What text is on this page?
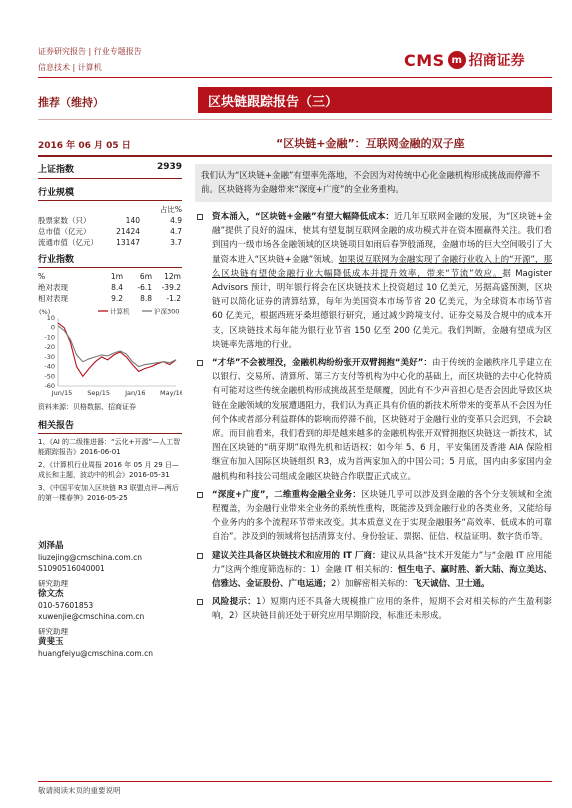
证券研究报告 | 行业专题报告
信息技术 | 计算机	CMS m 招商证券
推荐（维持）	区块链跟踪报告（三）
2016 年 06 月 05 日	“区块链+金融”：互联网金融的双子座
上证指数	2939
行业规模
占比%
股票家数（只）	140	4.9
总市值（亿元）	21424	4.7
流通市值（亿元）	13147	3.7
行业指数
%	1m	6m	12m
绝对表现	8.4	-6.1	-39.2
相对表现	9.2	8.8	-1.2
(%)
10
0
-10
-20
-30
-40
-50
-60
Jun/15 Sep/15 Jan/16 May/16
计算机	沪深300
资料来源：贝格数据、招商证券
相关报告
1、《AI 的二级推进器：“云化+开源”—人工智能跟踪报告》2016-06-01
2、《计算机行业周报 2016 年 05 月 29 日—成长和主题，波动中的机会》2016-05-31
3、《中国平安加入区块链 R3 联盟点评—两后的第一棵春笋》2016-05-25
刘泽晶
liuzejing@cmschina.com.cn
S1090516040001
研究助理
徐文杰
010-57601853
xuwenjie@cmschina.com.cn
研究助理
黄斐玉
huangfeiyu@cmschina.com.cn
我们认为“区块链+金融”有望率先落地，不会因为对传统中心化金融机构形成挑战而停滞不前。区块链将为金融带来“深度+广度”的全业务重构。
资本涌入，“区块链+金融”有望大幅降低成本：近几年互联网金融的发展，为“区块链+金融”提供了良好的温床，使其有望复制互联网金融的成功模式并在资本圈赢得关注。我们看到国内一级市场各金融领域的区块链项目如雨后春笋般涌现，金融市场的巨大空间吸引了大量资本进入“区块链+金融”领域。如果说互联网为金融实现了金融行业收入上的“开源”，那么区块链有望使金融行业大幅降低成本并提升效率，带来“节流”效应。据 Magister Advisors 预计，明年银行将会在区块链技术上投资超过 10 亿美元，另据高盛预测，区块链可以简化证券的清算结算，每年为美国资本市场节省 20 亿美元，为全球资本市场节省 60 亿美元，根据西班牙桑坦德银行研究，通过减少跨境支付、证券交易及合规中的成本开支，区块链技术每年能为银行业节省 150 亿至 200 亿美元。我们判断，金融有望成为区块链率先落地的行业。
“才华”不会被埋没，金融机构纷纷张开双臂拥抱“美好”：由于传统的金融秩序几乎建立在以银行、交易所、清算所、第三方支付等机构为中心化的基础上，而区块链的去中心化特质有可能对这些传统金融机构形成挑战甚至是颠覆，因此有不少声音担心是否会因此导致区块链在金融领域的发展遭遇阻力，我们认为真正具有价值的新技术所带来的变革从不会因为任何个体或者部分利益群体的影响而停滞不前，区块链对于金融行业的变革只会迟到，不会缺席。而目前看来，我们看到的却是越来越多的金融机构张开双臂拥抱区块链这一新技术，试图在区块链的“萌芽期”取得先机和话语权：如今年 5、6 月，平安集团及香港 AIA 保险相继宣布加入国际区块链组织 R3，成为首两家加入的中国公司；5 月底，国内由多家国内金融机构和科技公司组成金融区块链合作联盟正式成立。
“深度+广度”，二维重构金融全业务：区块链几乎可以涉及到金融的各个分支领域和全流程覆盖，为金融行业带来全业务的系统性重构，既能涉及到金融行业的各类业务，又能给每个业务内的多个流程环节带来改变。其本质意义在于实现金融服务“高效率、低成本的可靠自治”。涉及到的领域将包括清算支付、身份验证、票据、征信、权益证明、数字货币等。
建议关注具备区块链技术和应用的 IT 厂商：建议从具备“技术开发能力”与“金融 IT 应用能力”这两个维度筛选标的：1）金融 IT 相关标的：恒生电子、赢时胜、新大陆、海立美达、信雅达、金证股份、广电运通；2）加解密相关标的：飞天诚信、卫士通。
风险提示：1）短期内还不具备大规模推广应用的条件，短期不会对相关标的产生盈利影响，2）区块链目前还处于研究应用早期阶段，标准还未形成。
敬请阅读末页的重要说明
